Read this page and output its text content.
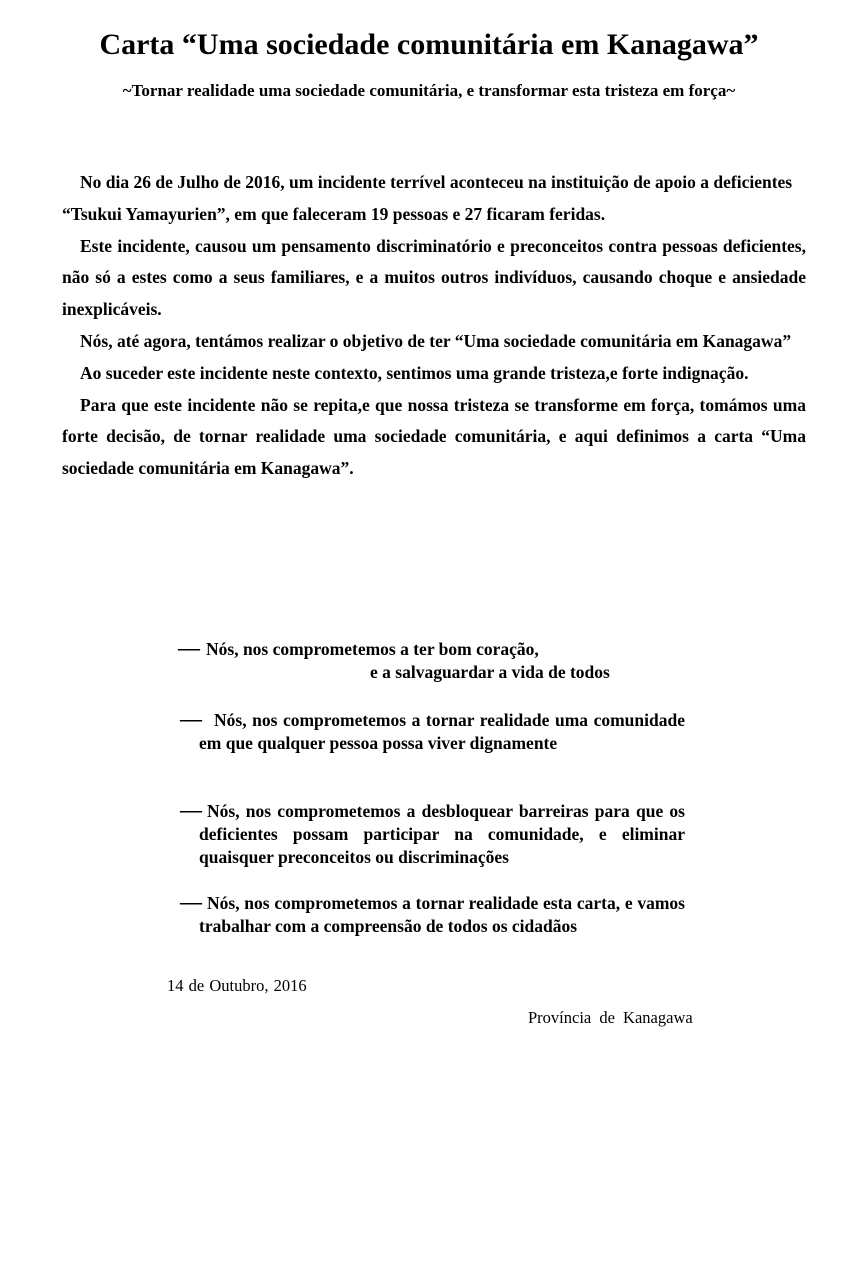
Carta “Uma sociedade comunitária em Kanagawa”
~Tornar realidade uma sociedade comunitária, e transformar esta tristeza em força~

No dia 26 de Julho de 2016, um incidente terrível aconteceu na instituição de apoio a deficientes “Tsukui Yamayurien”, em que faleceram 19 pessoas e 27 ficaram feridas.

Este incidente, causou um pensamento discriminatório e preconceitos contra pessoas deficientes, não só a estes como a seus familiares, e a muitos outros indivíduos, causando choque e ansiedade inexplicáveis.

Nós, até agora, tentámos realizar o objetivo de ter “Uma sociedade comunitária em Kanagawa”

Ao suceder este incidente neste contexto, sentimos uma grande tristeza,e forte indignação.

Para que este incidente não se repita,e que nossa tristeza se transforme em força, tomámos uma forte decisão, de tornar realidade uma sociedade comunitária, e aqui definimos a carta “Uma sociedade comunitária em Kanagawa”.

― Nós, nos comprometemos a ter bom coração,
e a salvaguardar a vida de todos
― Nós, nos comprometemos a tornar realidade uma comunidade em que qualquer pessoa possa viver dignamente
― Nós, nos comprometemos a desbloquear barreiras para que os deficientes possam participar na comunidade, e eliminar quaisquer preconceitos ou discriminações
― Nós, nos comprometemos a tornar realidade esta carta, e vamos trabalhar com a compreensão de todos os cidadãos
14 de Outubro, 2016
Província de Kanagawa
